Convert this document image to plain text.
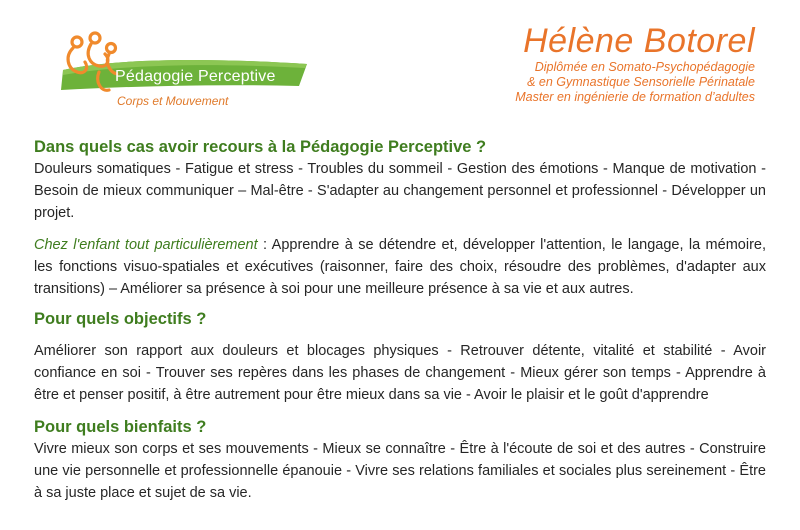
Pédagogie Perceptive
Corps et Mouvement
Hélène Botorel
Diplômée en Somato-Psychopédagogie
& en Gymnastique Sensorielle Périnatale
Master en ingénierie de formation d’adultes
Dans quels cas avoir recours à la Pédagogie Perceptive ?

Douleurs somatiques - Fatigue et stress - Troubles du sommeil - Gestion des émotions - Manque de motivation - Besoin de mieux communiquer – Mal-être - S'adapter au changement personnel et professionnel - Développer un projet.

Chez l'enfant tout particulièrement : Apprendre à se détendre et, développer l'attention, le langage, la mémoire, les fonctions visuo-spatiales et exécutives (raisonner, faire des choix, résoudre des problèmes, d'adapter aux transitions) – Améliorer sa présence à soi pour une meilleure présence à sa vie et aux autres.

Pour quels objectifs ?

Améliorer son rapport aux douleurs et blocages physiques - Retrouver détente, vitalité et stabilité - Avoir confiance en soi - Trouver ses repères dans les phases de changement - Mieux gérer son temps - Apprendre à être et penser positif, à être autrement pour être mieux dans sa vie - Avoir le plaisir et le goût d'apprendre

Pour quels bienfaits ?

Vivre mieux son corps et ses mouvements - Mieux se connaître - Être à l'écoute de soi et des autres - Construire une vie personnelle et professionnelle épanouie - Vivre ses relations familiales et sociales plus sereinement - Être à sa juste place et sujet de sa vie.
